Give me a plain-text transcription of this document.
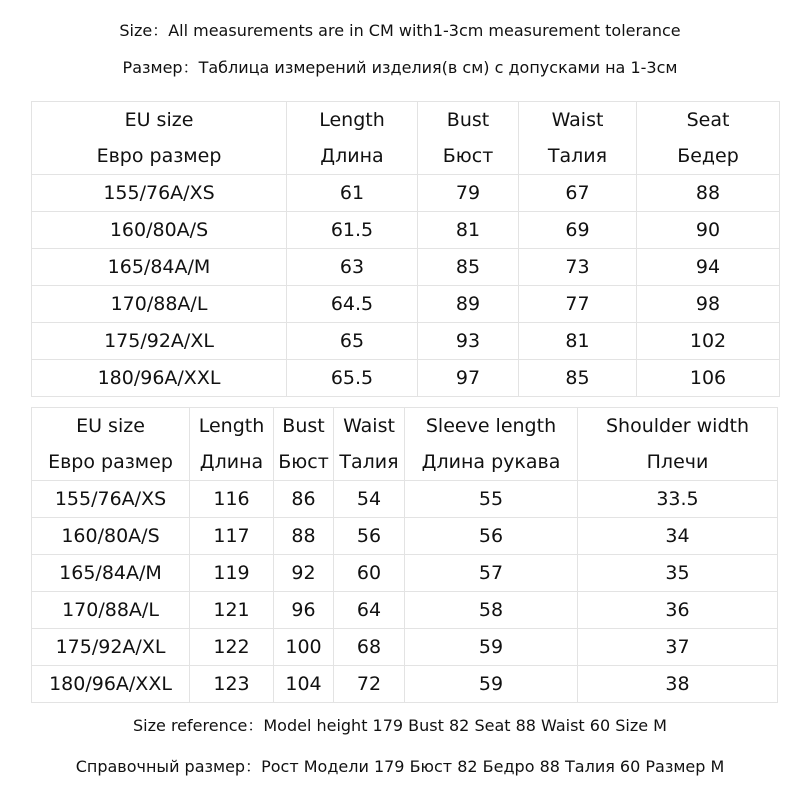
Size：All measurements are in CM with1-3cm measurement tolerance
Размер：Таблица измерений изделия(в см) с допусками на 1-3см
EU size	Length	Bust	Waist	Seat
Евро размер	Длина	Бюст	Талия	Бедер
155/76A/XS	61	79	67	88
160/80A/S	61.5	81	69	90
165/84A/M	63	85	73	94
170/88A/L	64.5	89	77	98
175/92A/XL	65	93	81	102
180/96A/XXL	65.5	97	85	106
EU size	Length	Bust	Waist	Sleeve length	Shoulder width
Евро размер	Длина	Бюст	Талия	Длина рукава	Плечи
155/76A/XS	116	86	54	55	33.5
160/80A/S	117	88	56	56	34
165/84A/M	119	92	60	57	35
170/88A/L	121	96	64	58	36
175/92A/XL	122	100	68	59	37
180/96A/XXL	123	104	72	59	38
Size reference：Model height 179 Bust 82 Seat 88 Waist 60 Size M
Справочный размер：Рост Модели 179 Бюст 82 Бедро 88 Талия 60 Размер M
